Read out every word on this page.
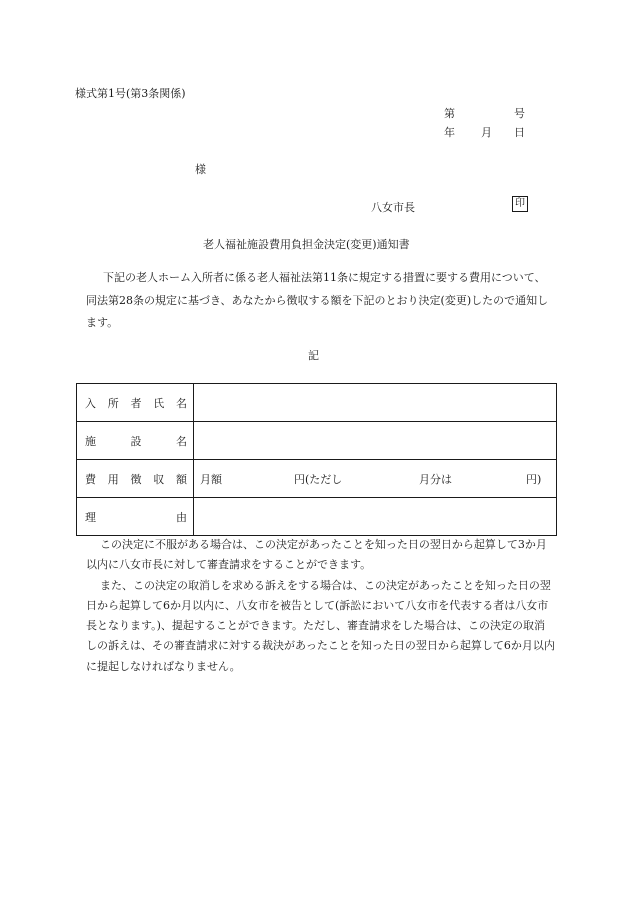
様式第1号(第3条関係)
第	号
年 月 日
様
八女市長	印
老人福祉施設費用負担金決定(変更)通知書
下記の老人ホーム入所者に係る老人福祉法第11条に規定する措置に要する費用について、同法第28条の規定に基づき、あなたから徴収する額を下記のとおり決定(変更)したので通知します。
記
入 所 者 氏 名	

施 設 名	

費 用 徴 収 額	月額 円(ただし 月分は 円)

理 由	

この決定に不服がある場合は、この決定があったことを知った日の翌日から起算して3か月以内に八女市長に対して審査請求をすることができます。

また、この決定の取消しを求める訴えをする場合は、この決定があったことを知った日の翌日から起算して6か月以内に、八女市を被告として(訴訟において八女市を代表する者は八女市長となります。)、提起することができます。ただし、審査請求をした場合は、この決定の取消しの訴えは、その審査請求に対する裁決があったことを知った日の翌日から起算して6か月以内に提起しなければなりません。
